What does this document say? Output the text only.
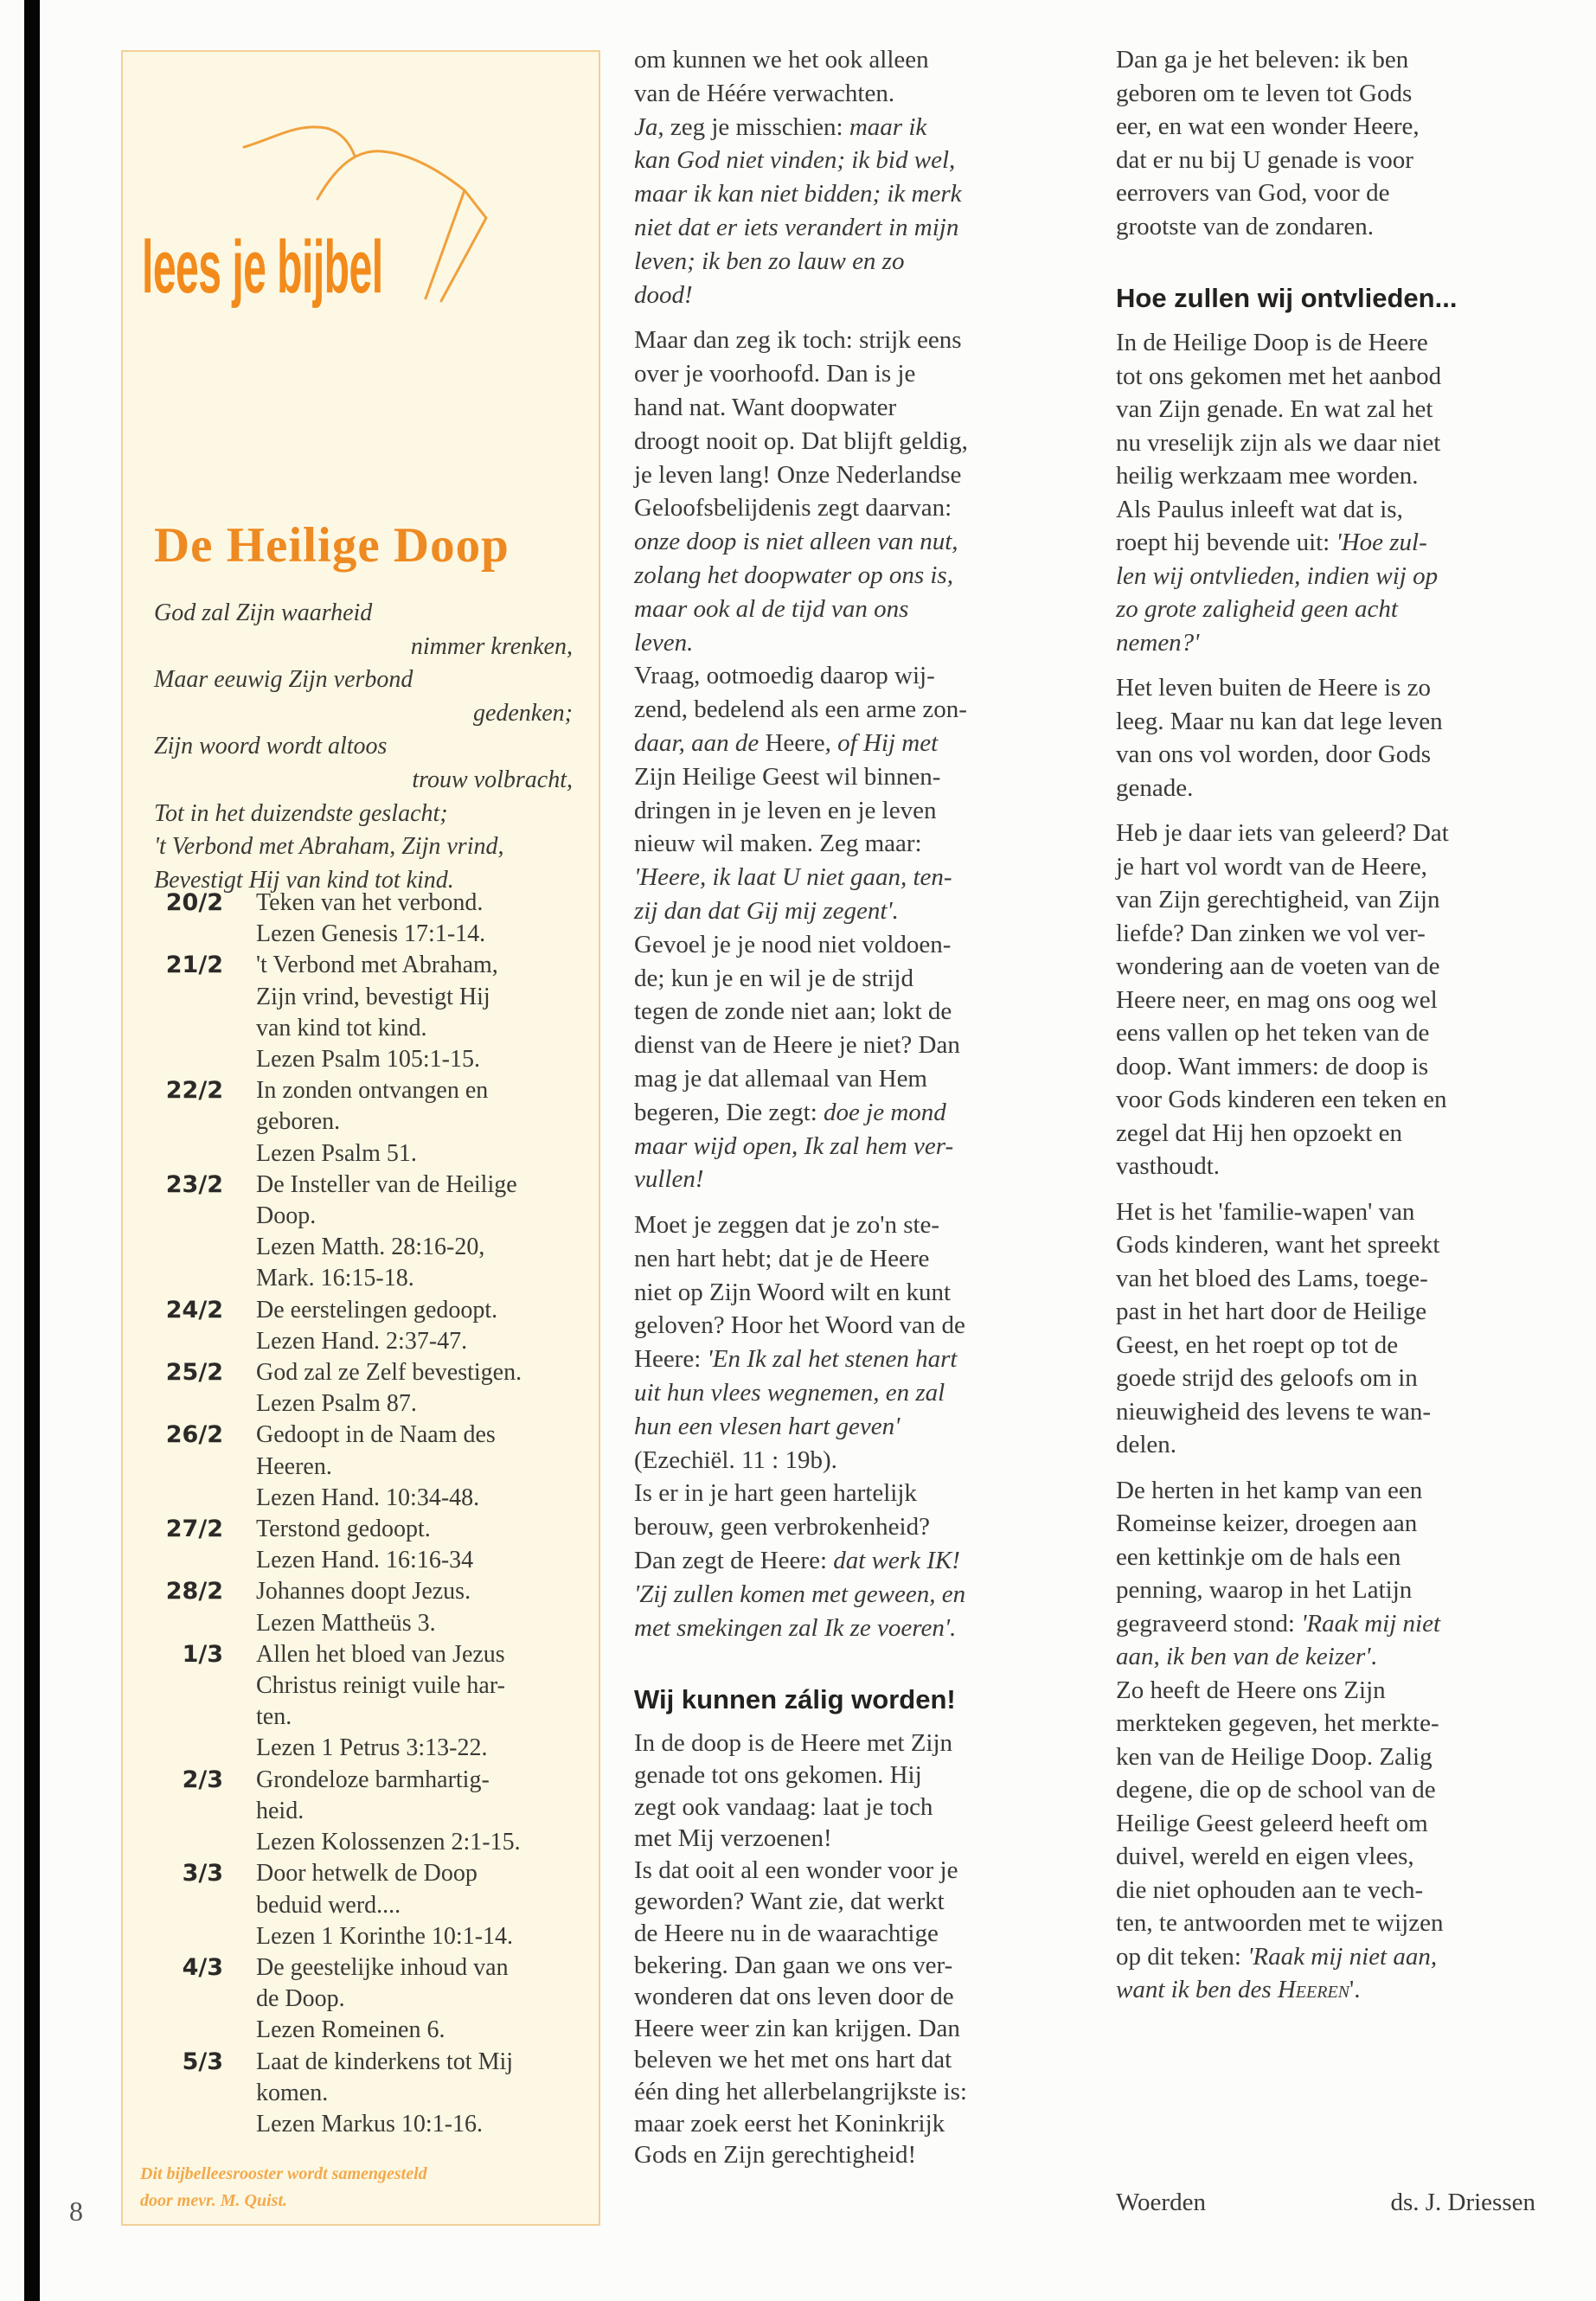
8
lees je bijbel
De Heilige Doop
God zal Zijn waarheid
nimmer krenken,
Maar eeuwig Zijn verbond
gedenken;
Zijn woord wordt altoos
trouw volbracht,
Tot in het duizendste geslacht;
't Verbond met Abraham, Zijn vrind,
Bevestigt Hij van kind tot kind.
20/2 Teken van het verbond.
Lezen Genesis 17:1-14.
21/2 't Verbond met Abraham,
Zijn vrind, bevestigt Hij
van kind tot kind.
Lezen Psalm 105:1-15.
22/2 In zonden ontvangen en
geboren.
Lezen Psalm 51.
23/2 De Insteller van de Heilige
Doop.
Lezen Matth. 28:16-20,
Mark. 16:15-18.
24/2 De eerstelingen gedoopt.
Lezen Hand. 2:37-47.
25/2 God zal ze Zelf bevestigen.
Lezen Psalm 87.
26/2 Gedoopt in de Naam des
Heeren.
Lezen Hand. 10:34-48.
27/2 Terstond gedoopt.
Lezen Hand. 16:16-34
28/2 Johannes doopt Jezus.
Lezen Mattheüs 3.
1/3 Allen het bloed van Jezus
Christus reinigt vuile har-
ten.
Lezen 1 Petrus 3:13-22.
2/3 Grondeloze barmhartig-
heid.
Lezen Kolossenzen 2:1-15.
3/3 Door hetwelk de Doop
beduid werd....
Lezen 1 Korinthe 10:1-14.
4/3 De geestelijke inhoud van
de Doop.
Lezen Romeinen 6.
5/3 Laat de kinderkens tot Mij
komen.
Lezen Markus 10:1-16.
Dit bijbelleesrooster wordt samengesteld
door mevr. M. Quist.
om kunnen we het ook alleen
van de Héére verwachten.
Ja, zeg je misschien: maar ik
kan God niet vinden; ik bid wel,
maar ik kan niet bidden; ik merk
niet dat er iets verandert in mijn
leven; ik ben zo lauw en zo
dood!
Maar dan zeg ik toch: strijk eens
over je voorhoofd. Dan is je
hand nat. Want doopwater
droogt nooit op. Dat blijft geldig,
je leven lang! Onze Nederlandse
Geloofsbelijdenis zegt daarvan:
onze doop is niet alleen van nut,
zolang het doopwater op ons is,
maar ook al de tijd van ons
leven.
Vraag, ootmoedig daarop wij-
zend, bedelend als een arme zon-
daar, aan de Heere, of Hij met
Zijn Heilige Geest wil binnen-
dringen in je leven en je leven
nieuw wil maken. Zeg maar:
'Heere, ik laat U niet gaan, ten-
zij dan dat Gij mij zegent'.
Gevoel je je nood niet voldoen-
de; kun je en wil je de strijd
tegen de zonde niet aan; lokt de
dienst van de Heere je niet? Dan
mag je dat allemaal van Hem
begeren, Die zegt: doe je mond
maar wijd open, Ik zal hem ver-
vullen!
Moet je zeggen dat je zo'n ste-
nen hart hebt; dat je de Heere
niet op Zijn Woord wilt en kunt
geloven? Hoor het Woord van de
Heere: 'En Ik zal het stenen hart
uit hun vlees wegnemen, en zal
hun een vlesen hart geven'
(Ezechiël. 11 : 19b).
Is er in je hart geen hartelijk
berouw, geen verbrokenheid?
Dan zegt de Heere: dat werk IK!
'Zij zullen komen met geween, en
met smekingen zal Ik ze voeren'.
Wij kunnen zálig worden!
In de doop is de Heere met Zijn
genade tot ons gekomen. Hij
zegt ook vandaag: laat je toch
met Mij verzoenen!
Is dat ooit al een wonder voor je
geworden? Want zie, dat werkt
de Heere nu in de waarachtige
bekering. Dan gaan we ons ver-
wonderen dat ons leven door de
Heere weer zin kan krijgen. Dan
beleven we het met ons hart dat
één ding het allerbelangrijkste is:
maar zoek eerst het Koninkrijk
Gods en Zijn gerechtigheid!
Dan ga je het beleven: ik ben
geboren om te leven tot Gods
eer, en wat een wonder Heere,
dat er nu bij U genade is voor
eerrovers van God, voor de
grootste van de zondaren.
Hoe zullen wij ontvlieden...
In de Heilige Doop is de Heere
tot ons gekomen met het aanbod
van Zijn genade. En wat zal het
nu vreselijk zijn als we daar niet
heilig werkzaam mee worden.
Als Paulus inleeft wat dat is,
roept hij bevende uit: 'Hoe zul-
len wij ontvlieden, indien wij op
zo grote zaligheid geen acht
nemen?'
Het leven buiten de Heere is zo
leeg. Maar nu kan dat lege leven
van ons vol worden, door Gods
genade.
Heb je daar iets van geleerd? Dat
je hart vol wordt van de Heere,
van Zijn gerechtigheid, van Zijn
liefde? Dan zinken we vol ver-
wondering aan de voeten van de
Heere neer, en mag ons oog wel
eens vallen op het teken van de
doop. Want immers: de doop is
voor Gods kinderen een teken en
zegel dat Hij hen opzoekt en
vasthoudt.
Het is het 'familie-wapen' van
Gods kinderen, want het spreekt
van het bloed des Lams, toege-
past in het hart door de Heilige
Geest, en het roept op tot de
goede strijd des geloofs om in
nieuwigheid des levens te wan-
delen.
De herten in het kamp van een
Romeinse keizer, droegen aan
een kettinkje om de hals een
penning, waarop in het Latijn
gegraveerd stond: 'Raak mij niet
aan, ik ben van de keizer'.
Zo heeft de Heere ons Zijn
merkteken gegeven, het merkte-
ken van de Heilige Doop. Zalig
degene, die op de school van de
Heilige Geest geleerd heeft om
duivel, wereld en eigen vlees,
die niet ophouden aan te vech-
ten, te antwoorden met te wijzen
op dit teken: 'Raak mij niet aan,
want ik ben des Heeren'.
Woerden	ds. J. Driessen
